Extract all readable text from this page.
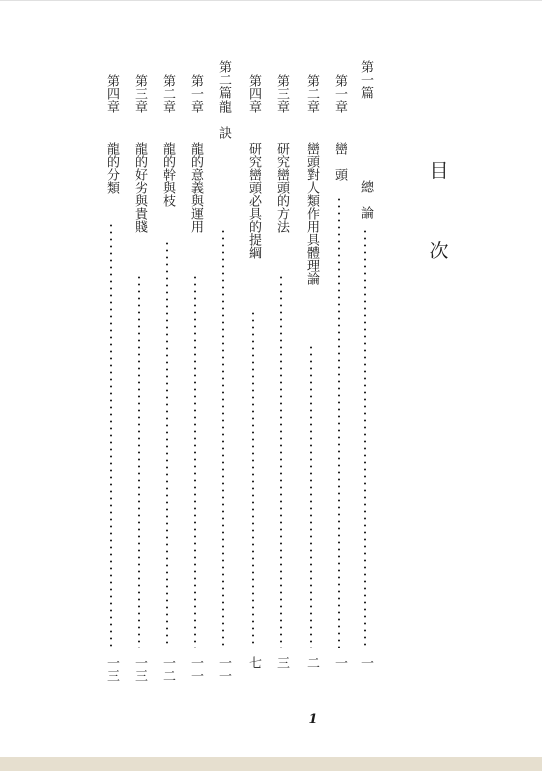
目
次
第一篇
總　論
一
第一章
巒　頭
一
第二章
巒頭對人類作用具體理論
二
第三章
研究巒頭的方法
三
第四章
研究巒頭必具的提綱
七
第二篇
龍　訣
一一
第一章
龍的意義與運用
一一
第二章
龍的幹與枝
一二
第三章
龍的好劣與貴賤
一三
第四章
龍的分類
一三
1
